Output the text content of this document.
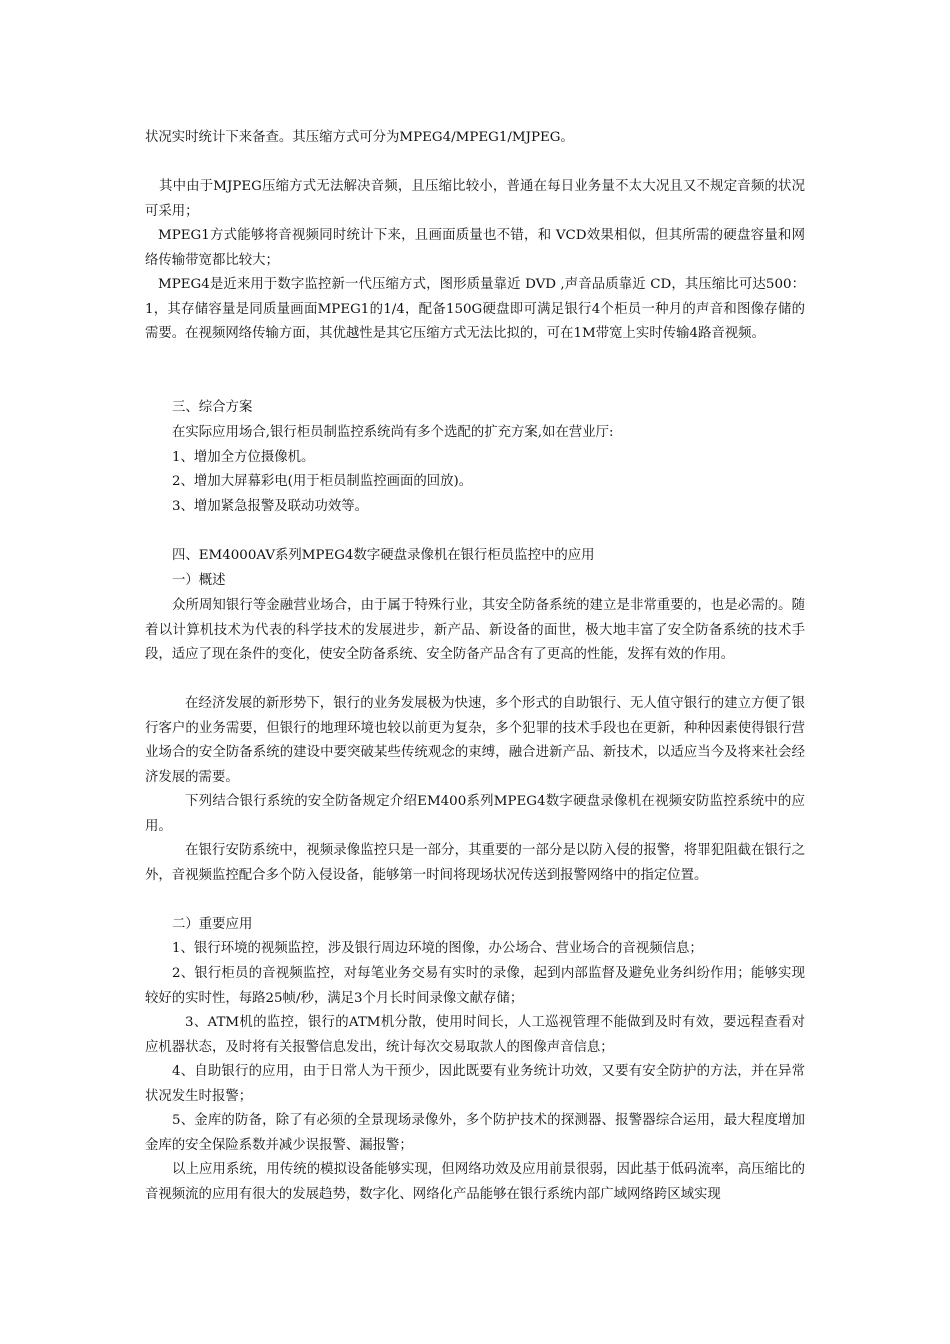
状况实时统计下来备查。其压缩方式可分为MPEG4/MPEG1/MJPEG。

其中由于MJPEG压缩方式无法解决音频，且压缩比较小，普通在每日业务量不太大况且又不规定音频的状况可采用；

MPEG1方式能够将音视频同时统计下来，且画面质量也不错，和 VCD效果相似，但其所需的硬盘容量和网络传输带宽都比较大；

MPEG4是近来用于数字监控新一代压缩方式，图形质量靠近 DVD ,声音品质靠近 CD，其压缩比可达500：1，其存储容量是同质量画面MPEG1的1/4，配备150G硬盘即可满足银行4个柜员一种月的声音和图像存储的需要。在视频网络传输方面，其优越性是其它压缩方式无法比拟的，可在1M带宽上实时传输4路音视频。

三、综合方案

在实际应用场合,银行柜员制监控系统尚有多个选配的扩充方案,如在营业厅:

1、增加全方位摄像机。

2、增加大屏幕彩电(用于柜员制监控画面的回放)。

3、增加紧急报警及联动功效等。

四、EM4000AV系列MPEG4数字硬盘录像机在银行柜员监控中的应用

一）概述

众所周知银行等金融营业场合，由于属于特殊行业，其安全防备系统的建立是非常重要的，也是必需的。随着以计算机技术为代表的科学技术的发展进步，新产品、新设备的面世，极大地丰富了安全防备系统的技术手段，适应了现在条件的变化，使安全防备系统、安全防备产品含有了更高的性能，发挥有效的作用。

在经济发展的新形势下，银行的业务发展极为快速，多个形式的自助银行、无人值守银行的建立方便了银行客户的业务需要，但银行的地理环境也较以前更为复杂，多个犯罪的技术手段也在更新，种种因素使得银行营业场合的安全防备系统的建设中要突破某些传统观念的束缚，融合进新产品、新技术，以适应当今及将来社会经济发展的需要。

下列结合银行系统的安全防备规定介绍EM400系列MPEG4数字硬盘录像机在视频安防监控系统中的应用。

在银行安防系统中，视频录像监控只是一部分，其重要的一部分是以防入侵的报警，将罪犯阻截在银行之外，音视频监控配合多个防入侵设备，能够第一时间将现场状况传送到报警网络中的指定位置。

二）重要应用

1、银行环境的视频监控，涉及银行周边环境的图像，办公场合、营业场合的音视频信息；

2、银行柜员的音视频监控，对每笔业务交易有实时的录像，起到内部监督及避免业务纠纷作用；能够实现较好的实时性，每路25帧/秒，满足3个月长时间录像文献存储；

3、ATM机的监控，银行的ATM机分散，使用时间长，人工巡视管理不能做到及时有效，要远程查看对应机器状态，及时将有关报警信息发出，统计每次交易取款人的图像声音信息；

4、自助银行的应用，由于日常人为干预少，因此既要有业务统计功效，又要有安全防护的方法，并在异常状况发生时报警；

5、金库的防备，除了有必须的全景现场录像外，多个防护技术的探测器、报警器综合运用，最大程度增加金库的安全保险系数并减少误报警、漏报警；

以上应用系统，用传统的模拟设备能够实现，但网络功效及应用前景很弱，因此基于低码流率，高压缩比的音视频流的应用有很大的发展趋势，数字化、网络化产品能够在银行系统内部广域网络跨区域实现
